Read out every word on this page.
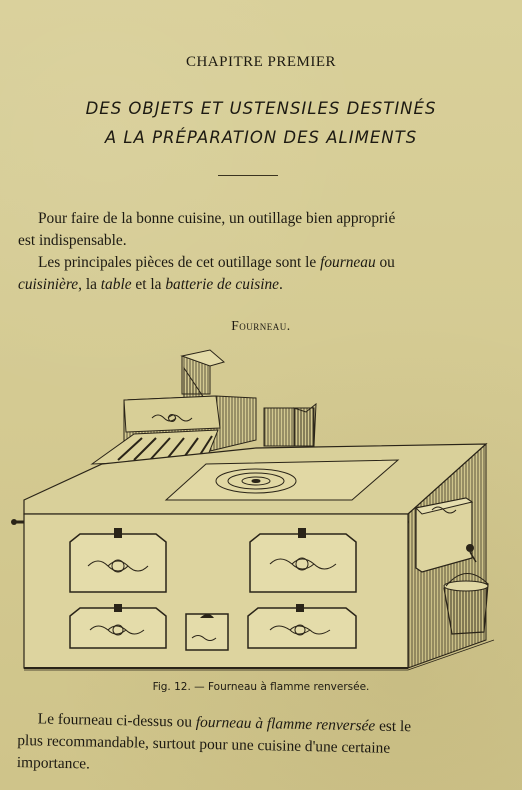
CHAPITRE PREMIER
DES OBJETS ET USTENSILES DESTINÉS
A LA PRÉPARATION DES ALIMENTS
Pour faire de la bonne cuisine, un outillage bien approprié
est indispensable.
Les principales pièces de cet outillage sont le fourneau ou
cuisinière, la table et la batterie de cuisine.
Fourneau.
Fig. 12. — Fourneau à flamme renversée.
Le fourneau ci-dessus ou fourneau à flamme renversée est le
plus recommandable, surtout pour une cuisine d'une certaine
importance.
